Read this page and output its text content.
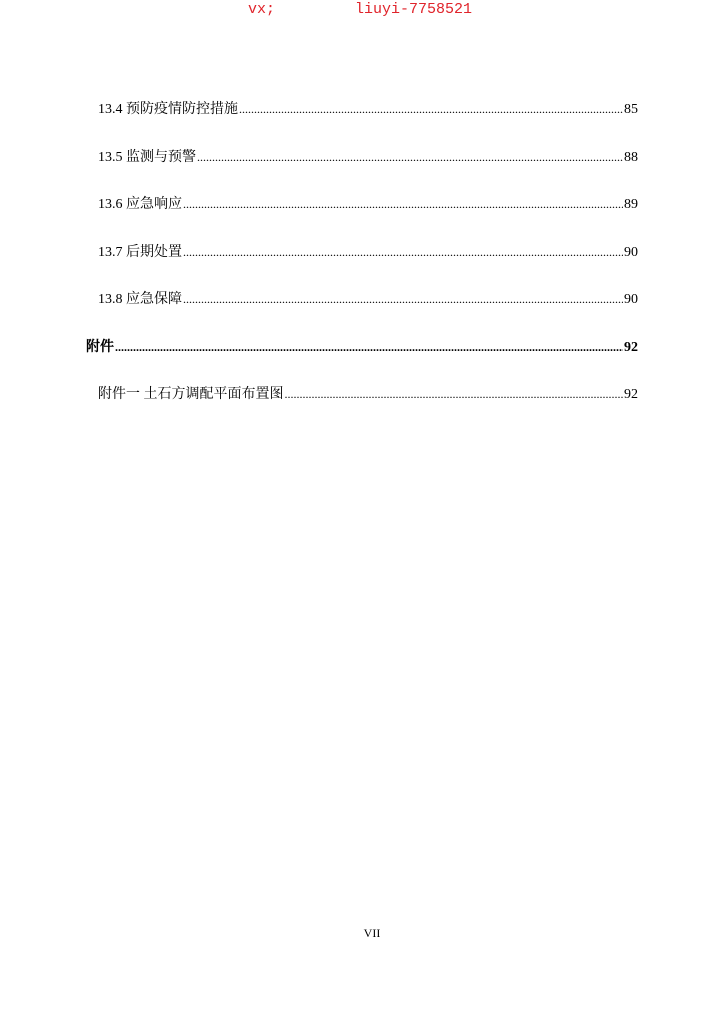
vx;	liuyi-7758521
13.4 预防疫情防控措施 .....	85
13.5 监测与预警 .....	88
13.6 应急响应 .....	89
13.7 后期处置 .....	90
13.8 应急保障 .....	90
附件 .....	92
附件一 土石方调配平面布置图 .....	92
VII
